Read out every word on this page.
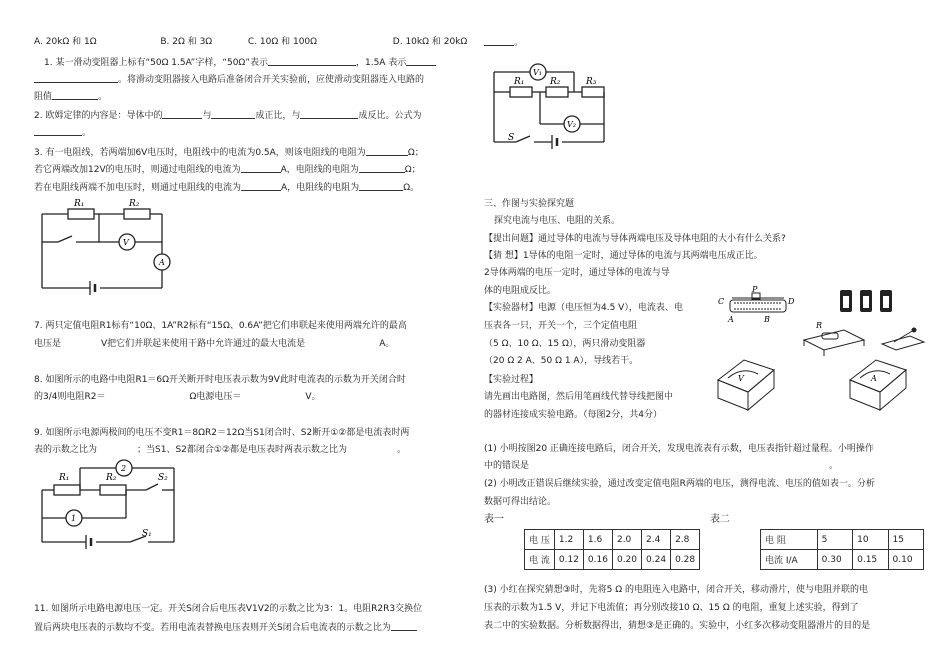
A. 20kΩ 和 1Ω	B. 2Ω 和 3Ω	C. 10Ω 和 100Ω	D. 10kΩ 和 20kΩ
1. 某一滑动变阻器上标有“50Ω 1.5A”字样，“50Ω”表示	，1.5A 表示
。将滑动变阻器接入电路后准备闭合开关实验前，应使滑动变阻器连入电路的
阻值	。
2. 欧姆定律的内容是：导体中的	与	成正比，与	成反比。公式为
。
3. 有一电阻线，若两端加6V电压时，电阻线中的电流为0.5A，则该电阻线的电阻为	Ω；
若它两端改加12V的电压时，则通过电阻线的电流为	A，电阻线的电阻为	Ω；
若在电阻线两端不加电压时，则通过电阻线的电流为	A，电阻线的电阻为	Ω。
R₁	R₂
V
A
7. 两只定值电阻R1标有“10Ω、1A”R2标有“15Ω、0.6A”把它们串联起来使用两端允许的最高
电压是	V把它们并联起来使用干路中允许通过的最大电流是	A。
8. 如图所示的电路中电阻R1＝6Ω开关断开时电压表示数为9V此时电流表的示数为开关闭合时
的3/4则电阻R2＝	Ω电源电压＝	V。
9. 如图所示电源两极间的电压不变R1＝8ΩR2＝12Ω当S1闭合时、S2断开①②都是电流表时两
表的示数之比为	；当S1、S2都闭合①②都是电压表时两表示数之比为	。
R₁	R₂	S₂
S₁
2
1
11. 如图所示电路电源电压一定。开关S闭合后电压表V1V2的示数之比为3：1。电阻R2R3交换位
置后两块电压表的示数均不变。若用电流表替换电压表则开关S闭合后电流表的示数之比为
。
V₁
V₂
R₁	R₂	R₃
S
三、作图与实验探究题
探究电流与电压、电阻的关系。
【提出问题】通过导体的电流与导体两端电压及导体电阻的大小有什么关系?
【猜 想】1导体的电阻一定时，通过导体的电流与其两端电压成正比。
2导体两端的电压一定时，通过导体的电流与导
体的电阻成反比。
【实验器材】电源（电压恒为4.5 V），电流表、电
压表各一只，开关一个，三个定值电阻
（5 Ω、10 Ω、15 Ω），两只滑动变阻器
（20 Ω 2 A、50 Ω 1 A），导线若干。
【实验过程】
请先画出电路图，然后用笔画线代替导线把图中
的器材连接成实验电路。（每图2分，共4分）
C
P
D
A	B
R
V	A
(1) 小明按图20 正确连接电路后，闭合开关，发现电流表有示数，电压表指针超过量程。小明操作
中的错误是	。
(2) 小明改正错误后继续实验，通过改变定值电阻R两端的电压，测得电流、电压的值如表一。分析
数据可得出结论。
表一	表二
电 压	1.2	1.6	2.0	2.4	2.8
电 流	0.12	0.16	0.20	0.24	0.28
电 阻	5	10	15
电流 I/A	0.30	0.15	0.10
(3) 小红在探究猜想③时，先将5 Ω 的电阻连入电路中，闭合开关，移动滑片，使与电阻并联的电
压表的示数为1.5 V，并记下电流值；再分别改接10 Ω、15 Ω 的电阻，重复上述实验，得到了
表二中的实验数据。分析数据得出，猜想③是正确的。实验中，小红多次移动变阻器滑片的目的是
